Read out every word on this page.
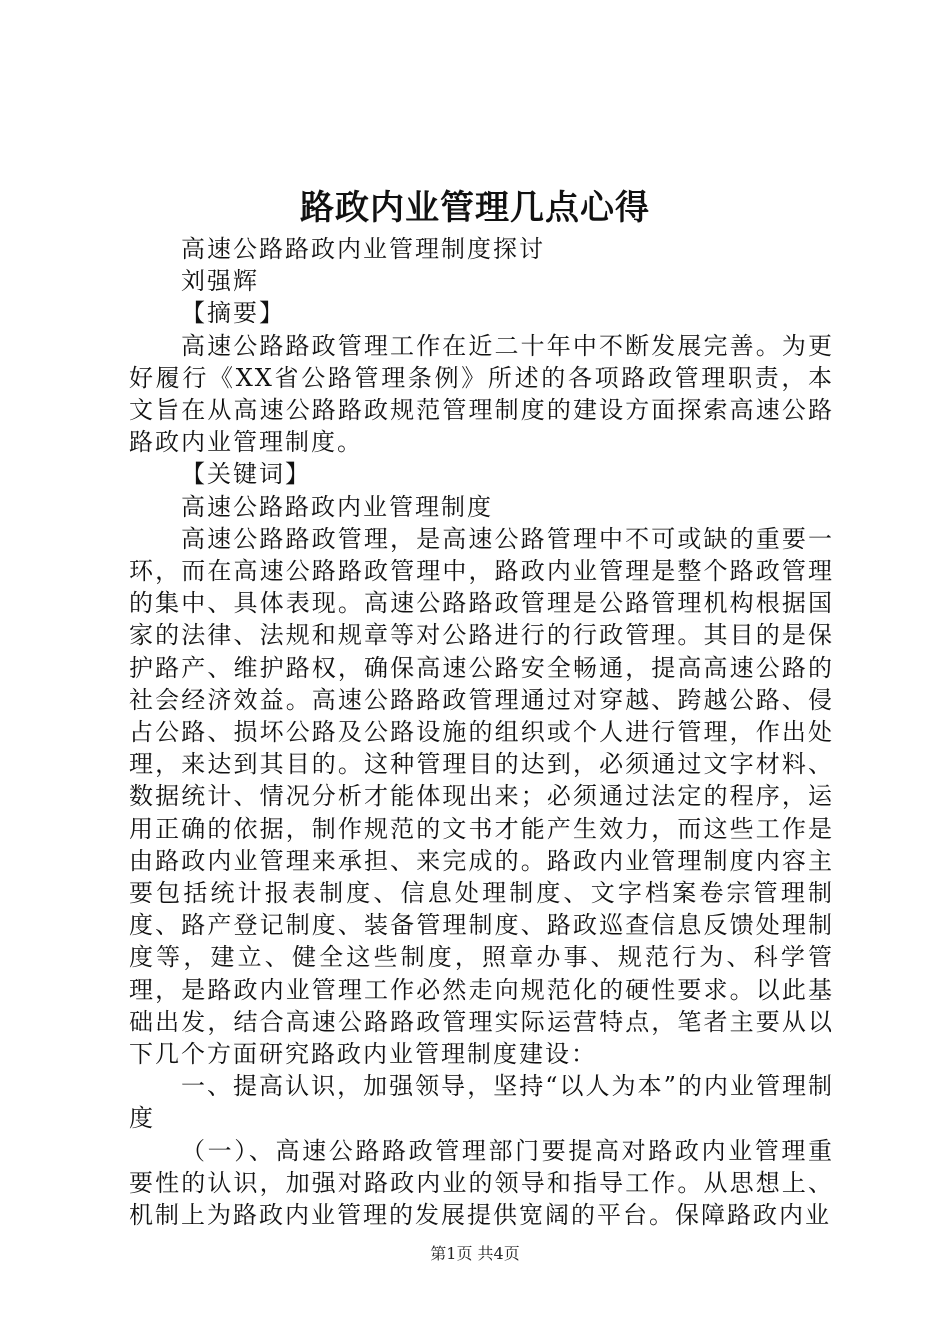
路政内业管理几点心得

高速公路路政内业管理制度探讨

刘强辉

【摘要】

高速公路路政管理工作在近二十年中不断发展完善。为更好履行《XX省公路管理条例》所述的各项路政管理职责，本文旨在从高速公路路政规范管理制度的建设方面探索高速公路路政内业管理制度。

【关键词】

高速公路路政内业管理制度

高速公路路政管理，是高速公路管理中不可或缺的重要一环，而在高速公路路政管理中，路政内业管理是整个路政管理的集中、具体表现。高速公路路政管理是公路管理机构根据国家的法律、法规和规章等对公路进行的行政管理。其目的是保护路产、维护路权，确保高速公路安全畅通，提高高速公路的社会经济效益。高速公路路政管理通过对穿越、跨越公路、侵占公路、损坏公路及公路设施的组织或个人进行管理，作出处理，来达到其目的。这种管理目的达到，必须通过文字材料、数据统计、情况分析才能体现出来；必须通过法定的程序，运用正确的依据，制作规范的文书才能产生效力，而这些工作是由路政内业管理来承担、来完成的。路政内业管理制度内容主要包括统计报表制度、信息处理制度、文字档案卷宗管理制度、路产登记制度、装备管理制度、路政巡查信息反馈处理制度等，建立、健全这些制度，照章办事、规范行为、科学管理，是路政内业管理工作必然走向规范化的硬性要求。以此基础出发，结合高速公路路政管理实际运营特点，笔者主要从以下几个方面研究路政内业管理制度建设：

一、提高认识，加强领导，坚持“以人为本”的内业管理制度

（一）、高速公路路政管理部门要提高对路政内业管理重要性的认识，加强对路政内业的领导和指导工作。从思想上、机制上为路政内业管理的发展提供宽阔的平台。保障路政内业

第1页 共4页
